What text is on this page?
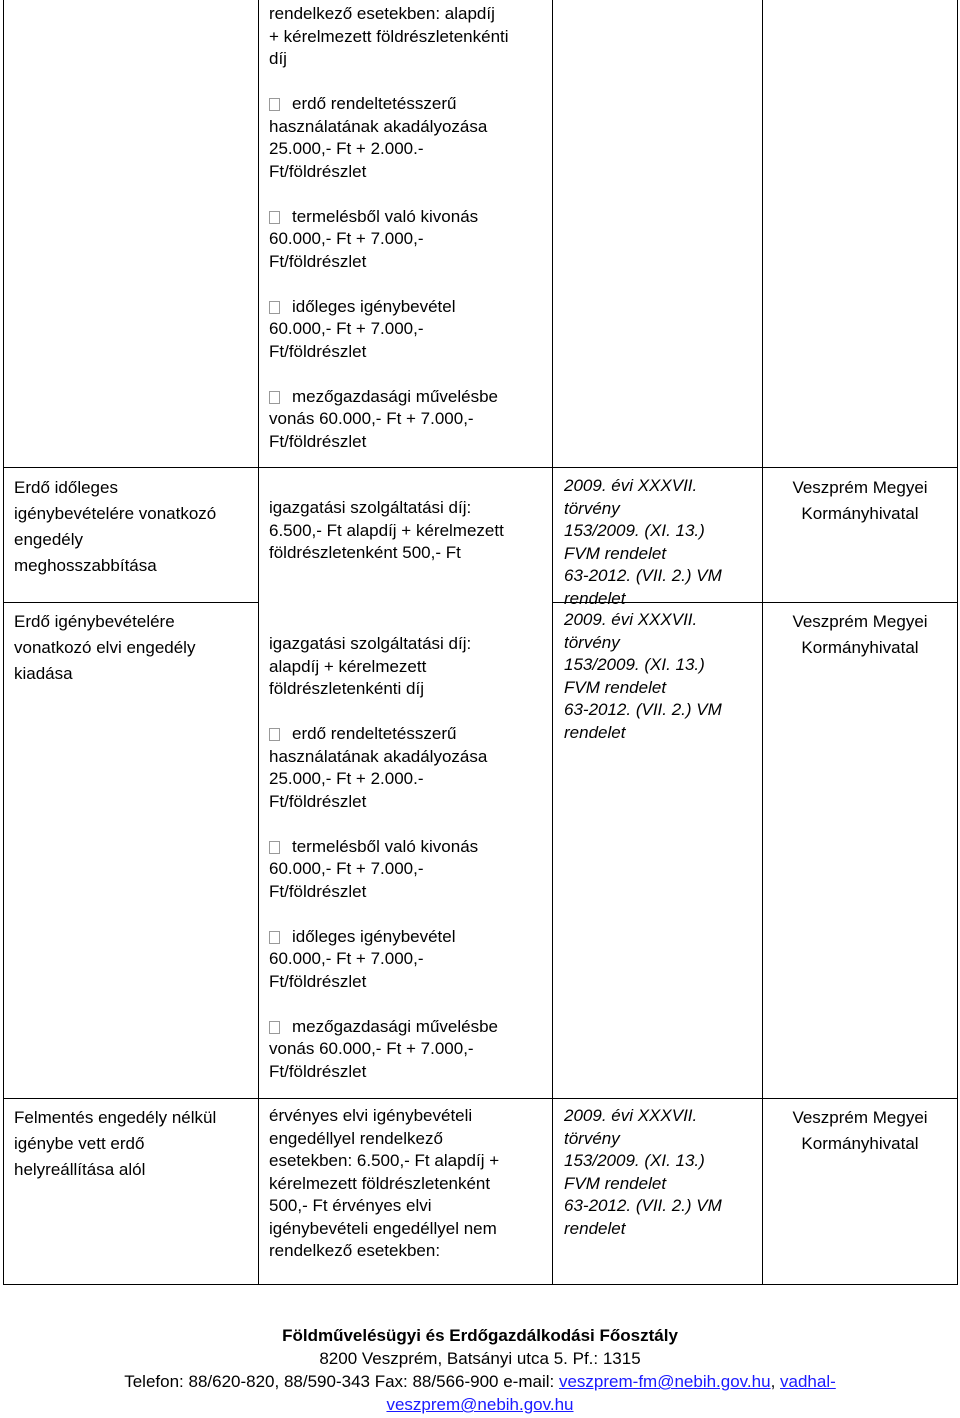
rendelkező esetekben: alapdíj
+ kérelmezett földrészletenkénti
díj
erdő rendeltetésszerű
használatának akadályozása
25.000,- Ft + 2.000.-
Ft/földrészlet
termelésből való kivonás
60.000,- Ft + 7.000,-
Ft/földrészlet
időleges igénybevétel
60.000,- Ft + 7.000,-
Ft/földrészlet
mezőgazdasági művelésbe
vonás 60.000,- Ft + 7.000,-
Ft/földrészlet
Erdő időleges
igénybevételére vonatkozó
engedély
meghosszabbítása
igazgatási szolgáltatási díj:
6.500,- Ft alapdíj + kérelmezett
földrészletenként 500,- Ft
2009. évi XXXVII.
törvény
153/2009. (XI. 13.)
FVM rendelet
63-2012. (VII. 2.) VM
rendelet
Veszprém Megyei
Kormányhivatal
Erdő igénybevételére
vonatkozó elvi engedély
kiadása
igazgatási szolgáltatási díj:
alapdíj + kérelmezett
földrészletenkénti díj
erdő rendeltetésszerű
használatának akadályozása
25.000,- Ft + 2.000.-
Ft/földrészlet
termelésből való kivonás
60.000,- Ft + 7.000,-
Ft/földrészlet
időleges igénybevétel
60.000,- Ft + 7.000,-
Ft/földrészlet
mezőgazdasági művelésbe
vonás 60.000,- Ft + 7.000,-
Ft/földrészlet
2009. évi XXXVII.
törvény
153/2009. (XI. 13.)
FVM rendelet
63-2012. (VII. 2.) VM
rendelet
Veszprém Megyei
Kormányhivatal
Felmentés engedély nélkül
igénybe vett erdő
helyreállítása alól
érvényes elvi igénybevételi
engedéllyel rendelkező
esetekben: 6.500,- Ft alapdíj +
kérelmezett földrészletenként
500,- Ft érvényes elvi
igénybevételi engedéllyel nem
rendelkező esetekben:
2009. évi XXXVII.
törvény
153/2009. (XI. 13.)
FVM rendelet
63-2012. (VII. 2.) VM
rendelet
Veszprém Megyei
Kormányhivatal
Földművelésügyi és Erdőgazdálkodási Főosztály
8200 Veszprém, Batsányi utca 5. Pf.: 1315
Telefon: 88/620-820, 88/590-343 Fax: 88/566-900 e-mail: veszprem-fm@nebih.gov.hu, vadhal-
veszprem@nebih.gov.hu
